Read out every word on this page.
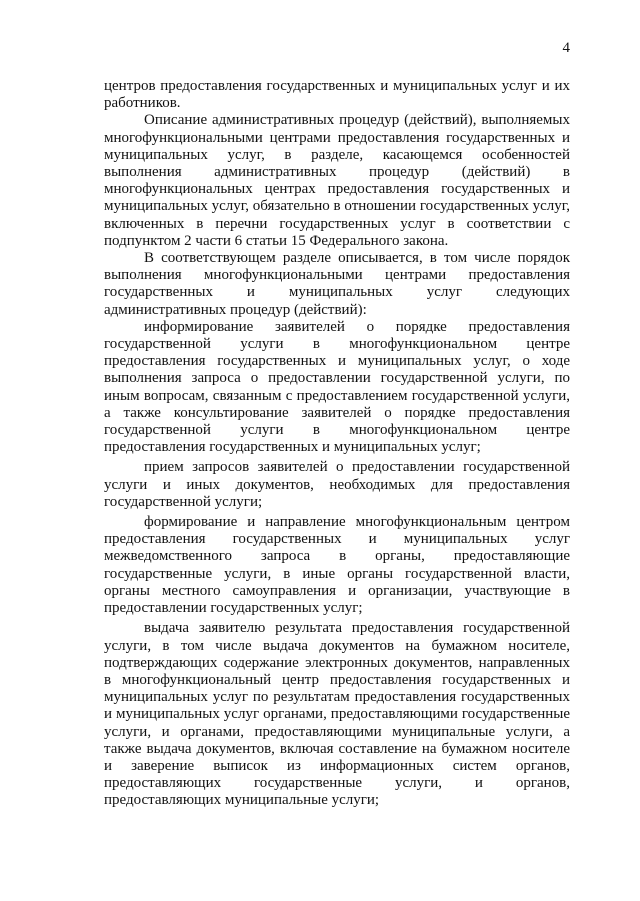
4

центров предоставления государственных и муниципальных услуг и их работников.

Описание административных процедур (действий), выполняемых многофункциональными центрами предоставления государственных и муниципальных услуг, в разделе, касающемся особенностей выполнения административных процедур (действий) в многофункциональных центрах предоставления государственных и муниципальных услуг, обязательно в отношении государственных услуг, включенных в перечни государственных услуг в соответствии с подпунктом 2 части 6 статьи 15 Федерального закона.

В соответствующем разделе описывается, в том числе порядок выполнения многофункциональными центрами предоставления государственных и муниципальных услуг следующих административных процедур (действий):

информирование заявителей о порядке предоставления государственной услуги в многофункциональном центре предоставления государственных и муниципальных услуг, о ходе выполнения запроса о предоставлении государственной услуги, по иным вопросам, связанным с предоставлением государственной услуги, а также консультирование заявителей о порядке предоставления государственной услуги в многофункциональном центре предоставления государственных и муниципальных услуг;

прием запросов заявителей о предоставлении государственной услуги и иных документов, необходимых для предоставления государственной услуги;

формирование и направление многофункциональным центром предоставления государственных и муниципальных услуг межведомственного запроса в органы, предоставляющие государственные услуги, в иные органы государственной власти, органы местного самоуправления и организации, участвующие в предоставлении государственных услуг;

выдача заявителю результата предоставления государственной услуги, в том числе выдача документов на бумажном носителе, подтверждающих содержание электронных документов, направленных в многофункциональный центр предоставления государственных и муниципальных услуг по результатам предоставления государственных и муниципальных услуг органами, предоставляющими государственные услуги, и органами, предоставляющими муниципальные услуги, а также выдача документов, включая составление на бумажном носителе и заверение выписок из информационных систем органов, предоставляющих государственные услуги, и органов, предоставляющих муниципальные услуги;
